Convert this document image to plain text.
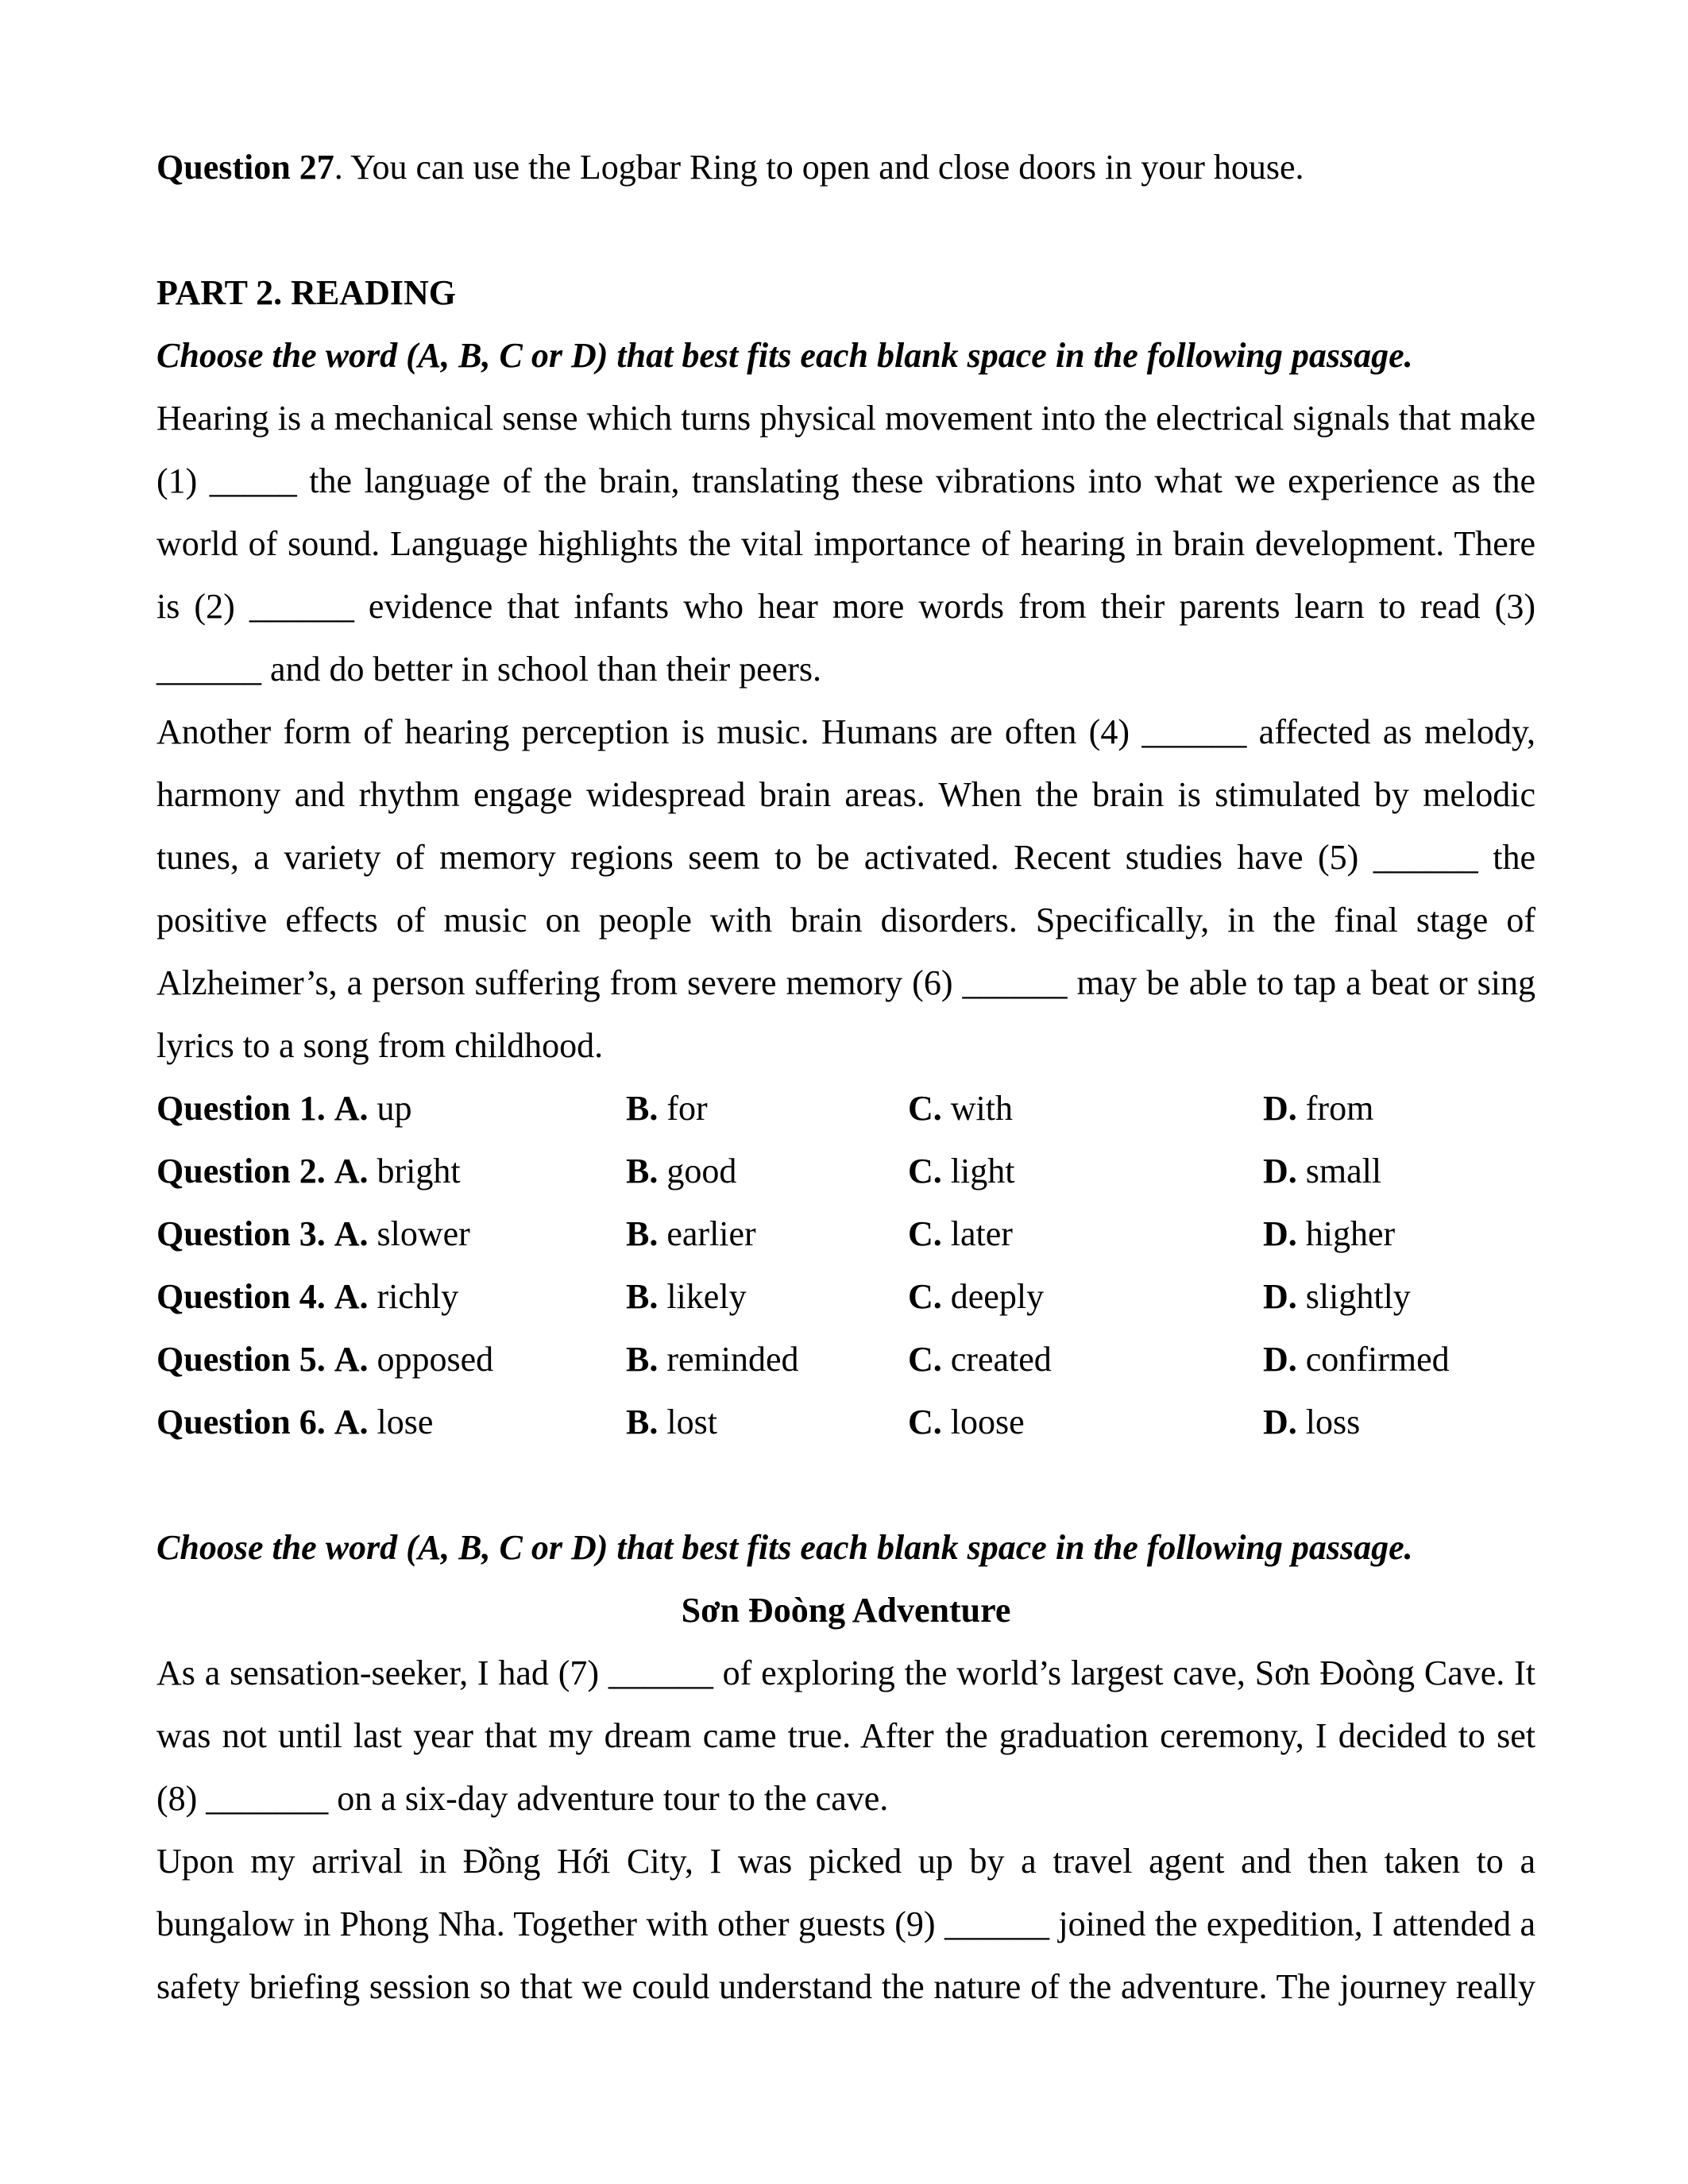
Question 27. You can use the Logbar Ring to open and close doors in your house.

PART 2. READING

Choose the word (A, B, C or D) that best fits each blank space in the following passage.

Hearing is a mechanical sense which turns physical movement into the electrical signals that make (1) _____ the language of the brain, translating these vibrations into what we experience as the world of sound. Language highlights the vital importance of hearing in brain development. There is (2) ______ evidence that infants who hear more words from their parents learn to read (3) ______ and do better in school than their peers.

Another form of hearing perception is music. Humans are often (4) ______ affected as melody, harmony and rhythm engage widespread brain areas. When the brain is stimulated by melodic tunes, a variety of memory regions seem to be activated. Recent studies have (5) ______ the positive effects of music on people with brain disorders. Specifically, in the final stage of Alzheimer’s, a person suffering from severe memory (6) ______ may be able to tap a beat or sing lyrics to a song from childhood.

Question 1. A. up	B. for	C. with	D. from
Question 2. A. bright	B. good	C. light	D. small
Question 3. A. slower	B. earlier	C. later	D. higher
Question 4. A. richly	B. likely	C. deeply	D. slightly
Question 5. A. opposed	B. reminded	C. created	D. confirmed
Question 6. A. lose	B. lost	C. loose	D. loss

Choose the word (A, B, C or D) that best fits each blank space in the following passage.

Sơn Đoòng Adventure

As a sensation-seeker, I had (7) ______ of exploring the world’s largest cave, Sơn Đoòng Cave. It was not until last year that my dream came true. After the graduation ceremony, I decided to set (8) _______ on a six-day adventure tour to the cave.

Upon my arrival in Đồng Hới City, I was picked up by a travel agent and then taken to a bungalow in Phong Nha. Together with other guests (9) ______ joined the expedition, I attended a safety briefing session so that we could understand the nature of the adventure. The journey really
